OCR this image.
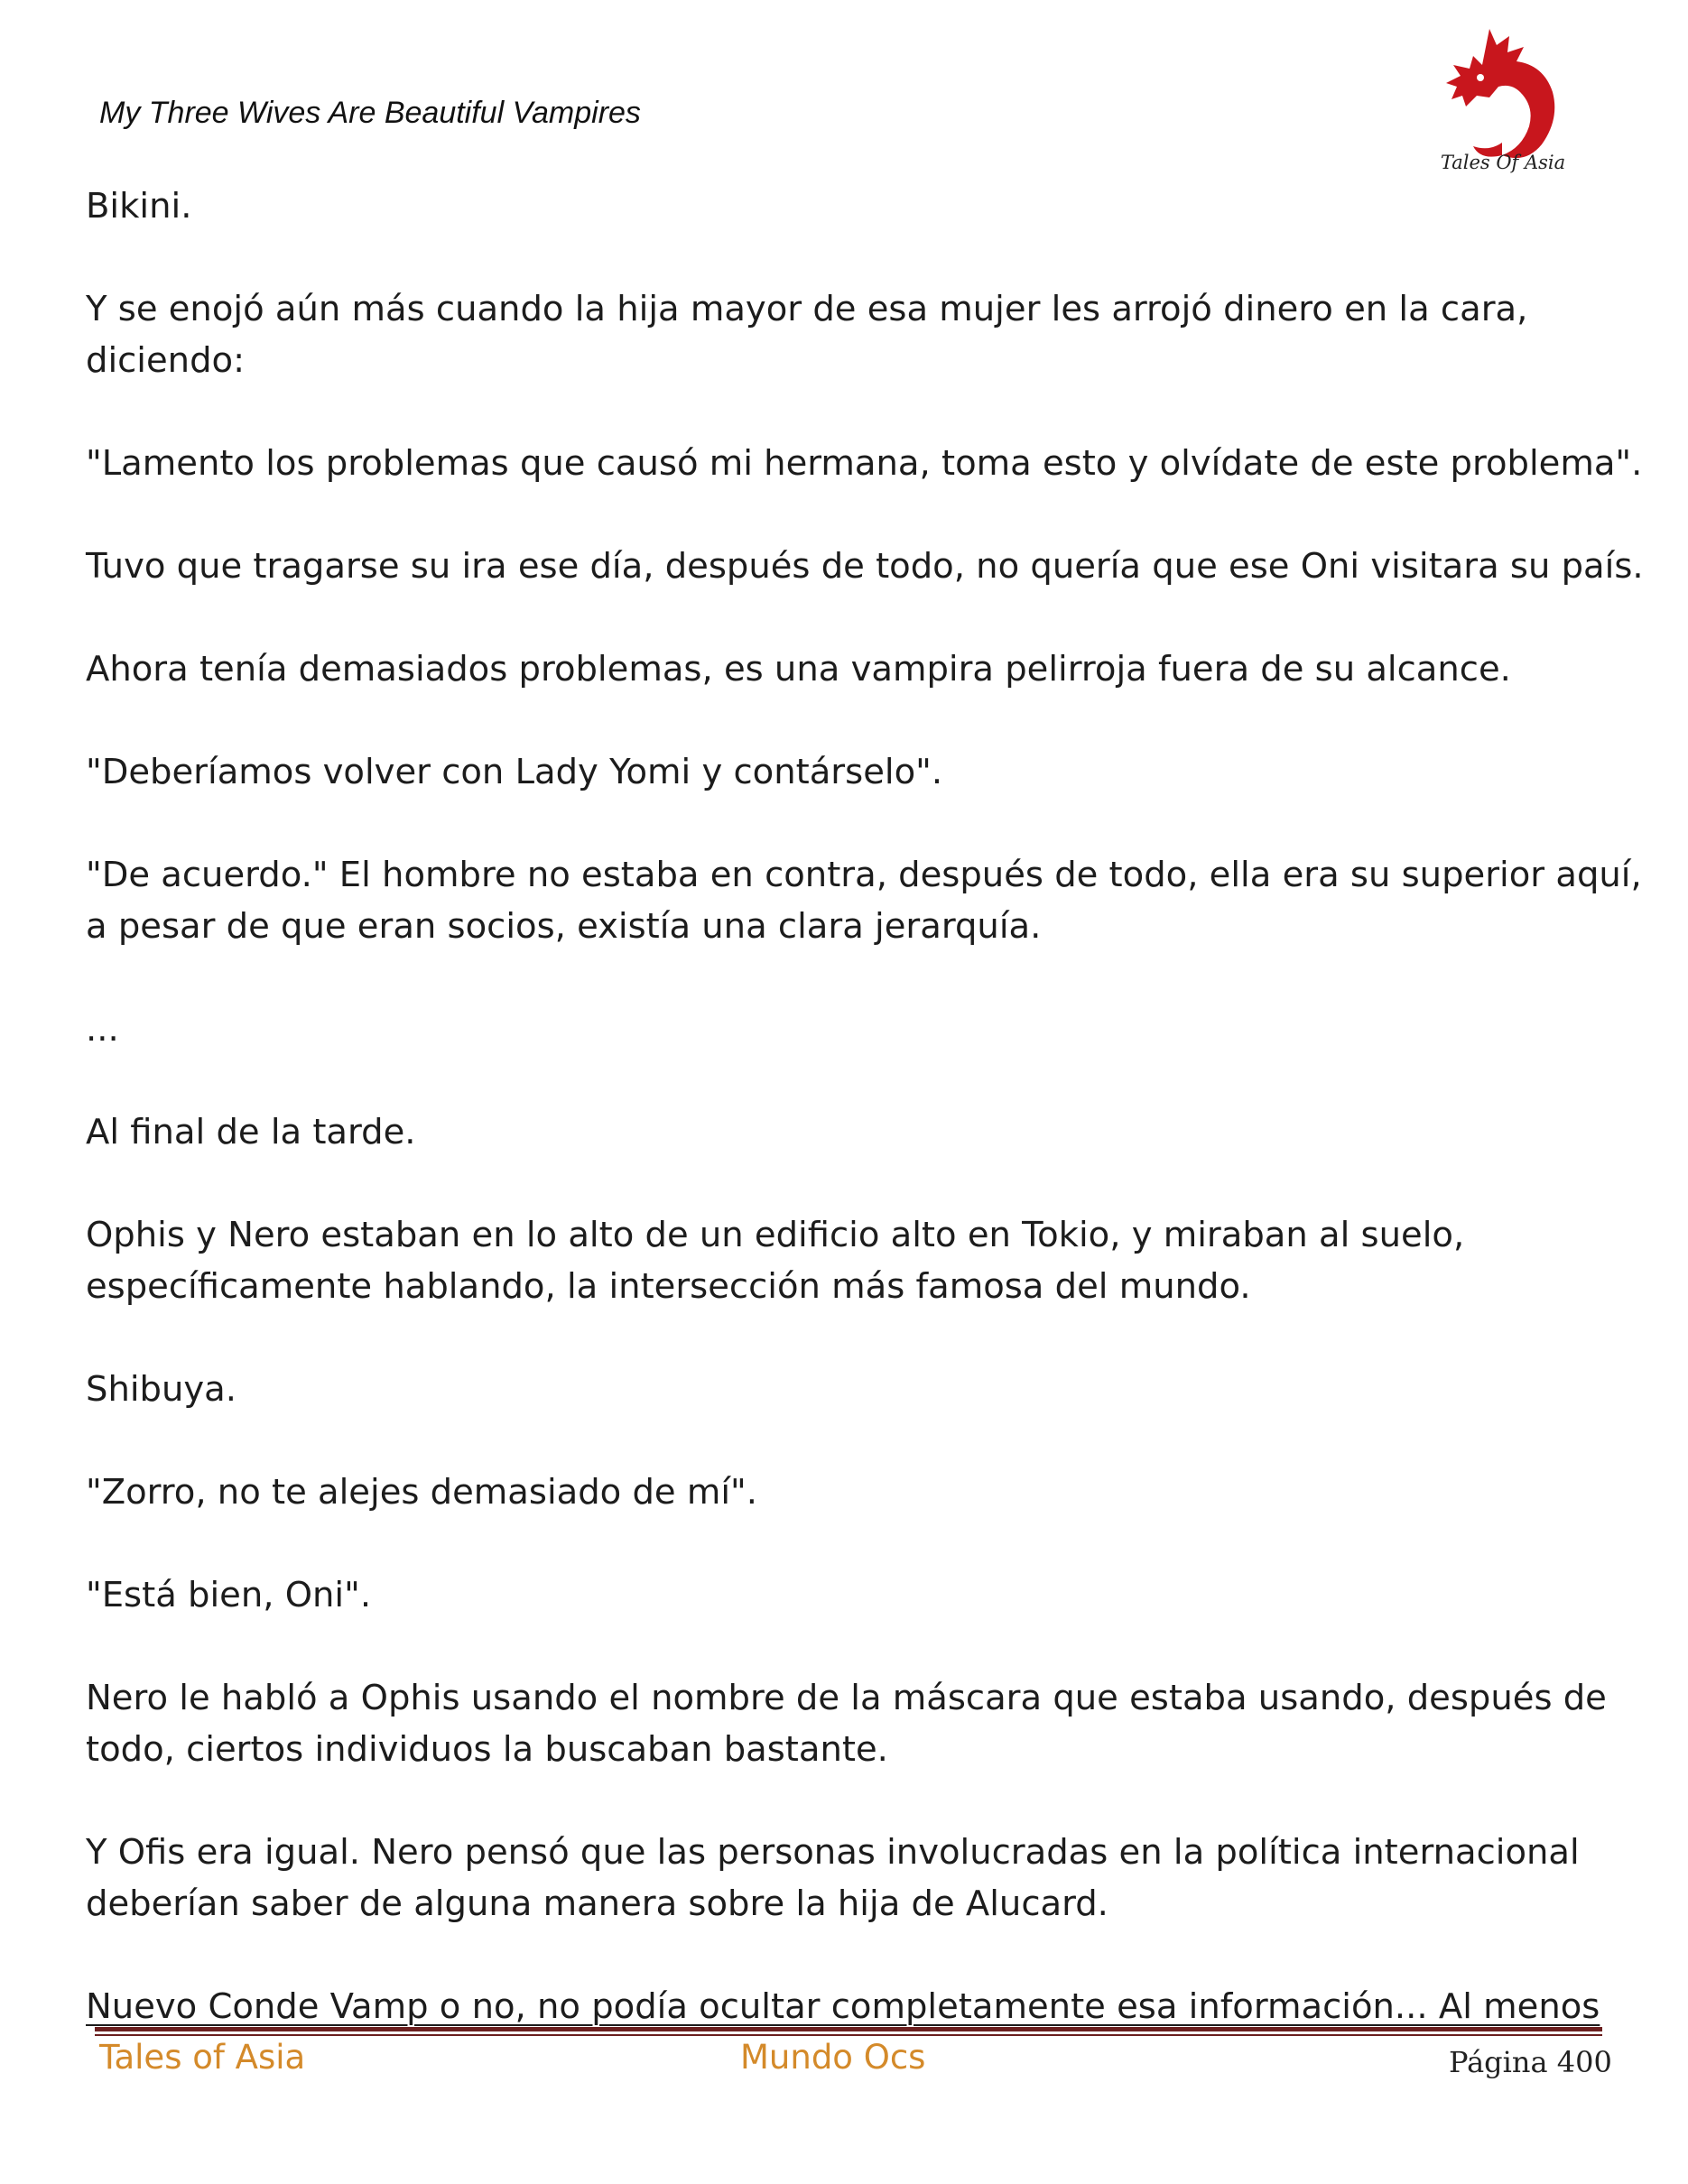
My Three Wives Are Beautiful Vampires
Tales Of Asia
Bikini.
Y se enojó aún más cuando la hija mayor de esa mujer les arrojó dinero en la cara,
diciendo:
"Lamento los problemas que causó mi hermana, toma esto y olvídate de este problema".
Tuvo que tragarse su ira ese día, después de todo, no quería que ese Oni visitara su país.
Ahora tenía demasiados problemas, es una vampira pelirroja fuera de su alcance.
"Deberíamos volver con Lady Yomi y contárselo".
"De acuerdo." El hombre no estaba en contra, después de todo, ella era su superior aquí,
a pesar de que eran socios, existía una clara jerarquía.
...
Al final de la tarde.
Ophis y Nero estaban en lo alto de un edificio alto en Tokio, y miraban al suelo,
específicamente hablando, la intersección más famosa del mundo.
Shibuya.
"Zorro, no te alejes demasiado de mí".
"Está bien, Oni".
Nero le habló a Ophis usando el nombre de la máscara que estaba usando, después de
todo, ciertos individuos la buscaban bastante.
Y Ofis era igual. Nero pensó que las personas involucradas en la política internacional
deberían saber de alguna manera sobre la hija de Alucard.
Nuevo Conde Vamp o no, no podía ocultar completamente esa información... Al menos
Tales of Asia	Mundo Ocs	Página 400
